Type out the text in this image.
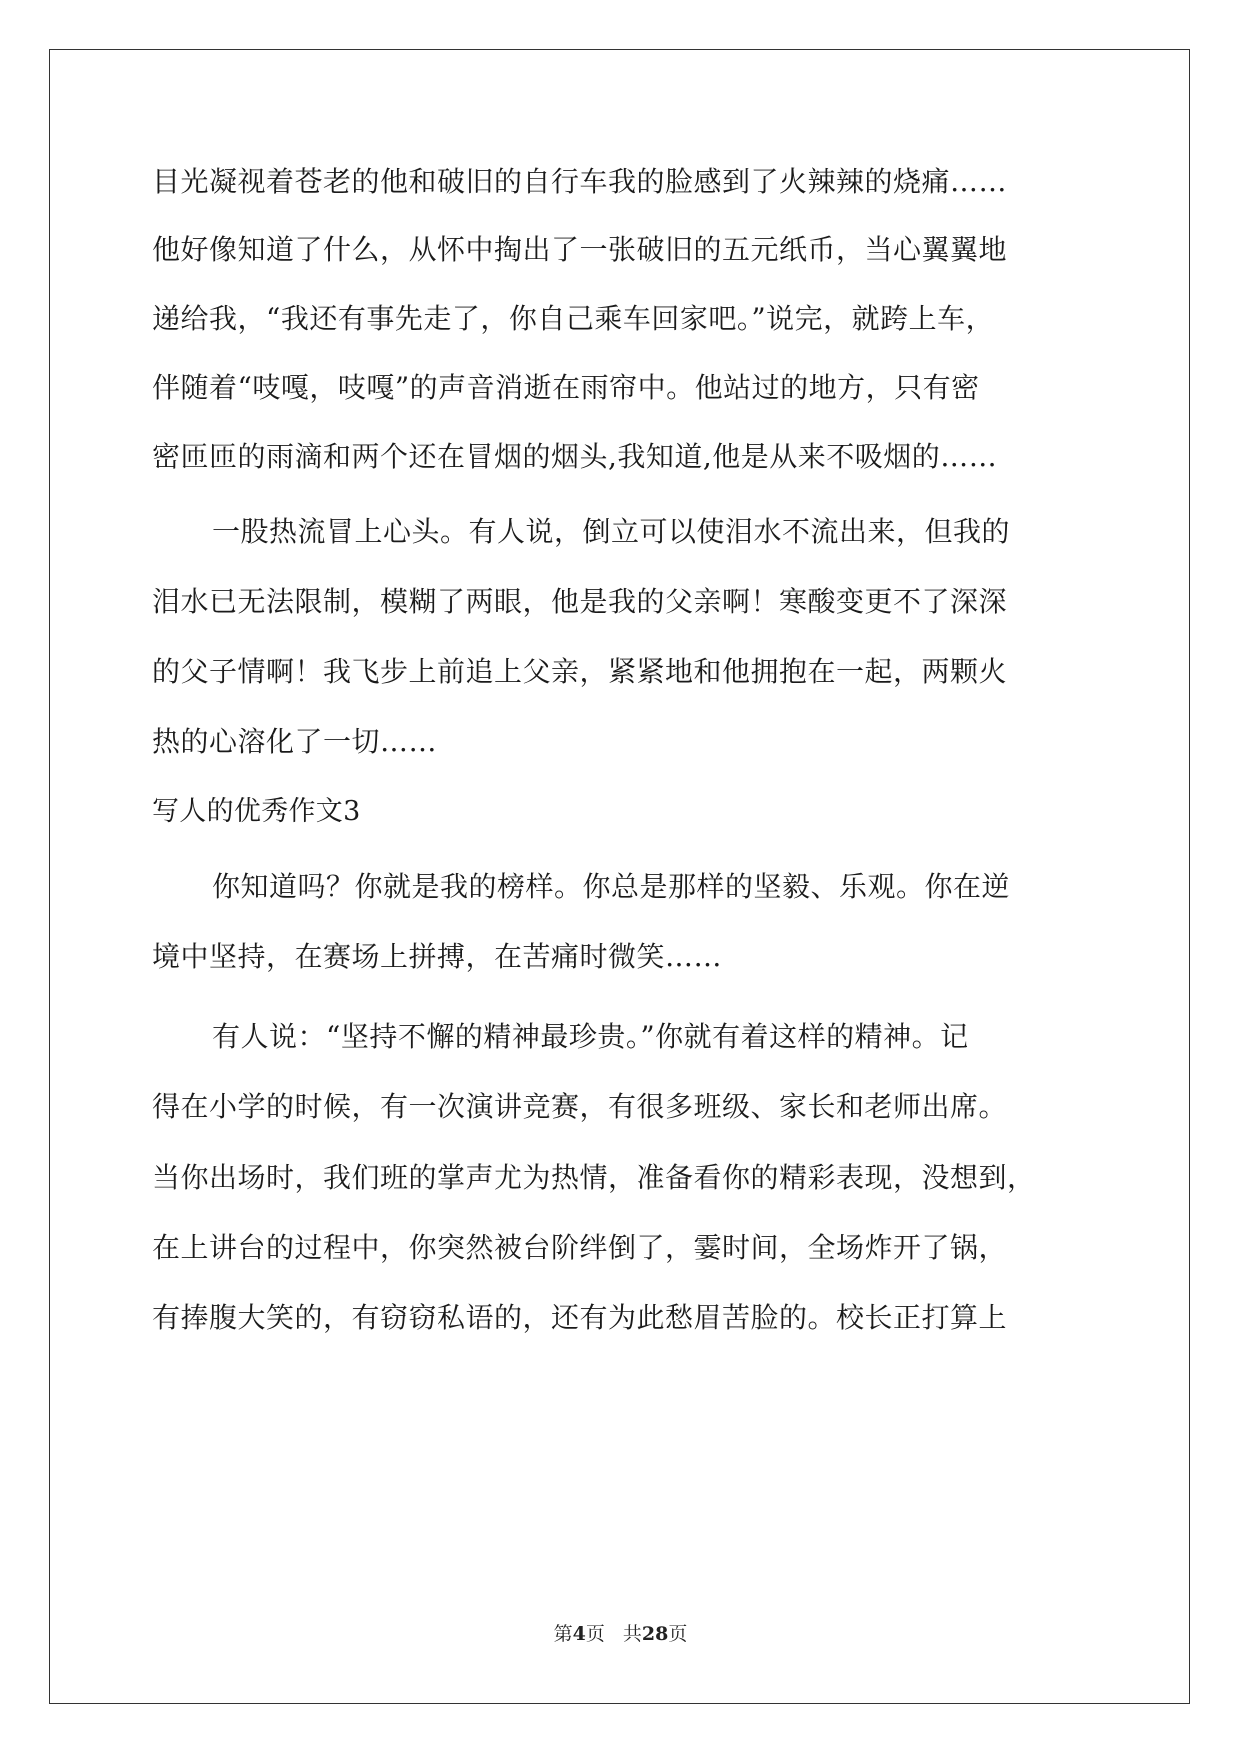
目光凝视着苍老的他和破旧的自行车我的脸感到了火辣辣的烧痛……
他好像知道了什么，从怀中掏出了一张破旧的五元纸币，当心翼翼地
递给我，“我还有事先走了，你自己乘车回家吧。”说完，就跨上车，
伴随着“吱嘎，吱嘎”的声音消逝在雨帘中。他站过的地方，只有密
密匝匝的雨滴和两个还在冒烟的烟头,我知道,他是从来不吸烟的……
一股热流冒上心头。有人说，倒立可以使泪水不流出来，但我的
泪水已无法限制，模糊了两眼，他是我的父亲啊！寒酸变更不了深深
的父子情啊！我飞步上前追上父亲，紧紧地和他拥抱在一起，两颗火
热的心溶化了一切……
写人的优秀作文3
你知道吗？你就是我的榜样。你总是那样的坚毅、乐观。你在逆
境中坚持，在赛场上拼搏，在苦痛时微笑……
有人说：“坚持不懈的精神最珍贵。”你就有着这样的精神。记
得在小学的时候，有一次演讲竞赛，有很多班级、家长和老师出席。
当你出场时，我们班的掌声尤为热情，准备看你的精彩表现，没想到，
在上讲台的过程中，你突然被台阶绊倒了，霎时间，全场炸开了锅，
有捧腹大笑的，有窃窃私语的，还有为此愁眉苦脸的。校长正打算上
第4页 共28页
